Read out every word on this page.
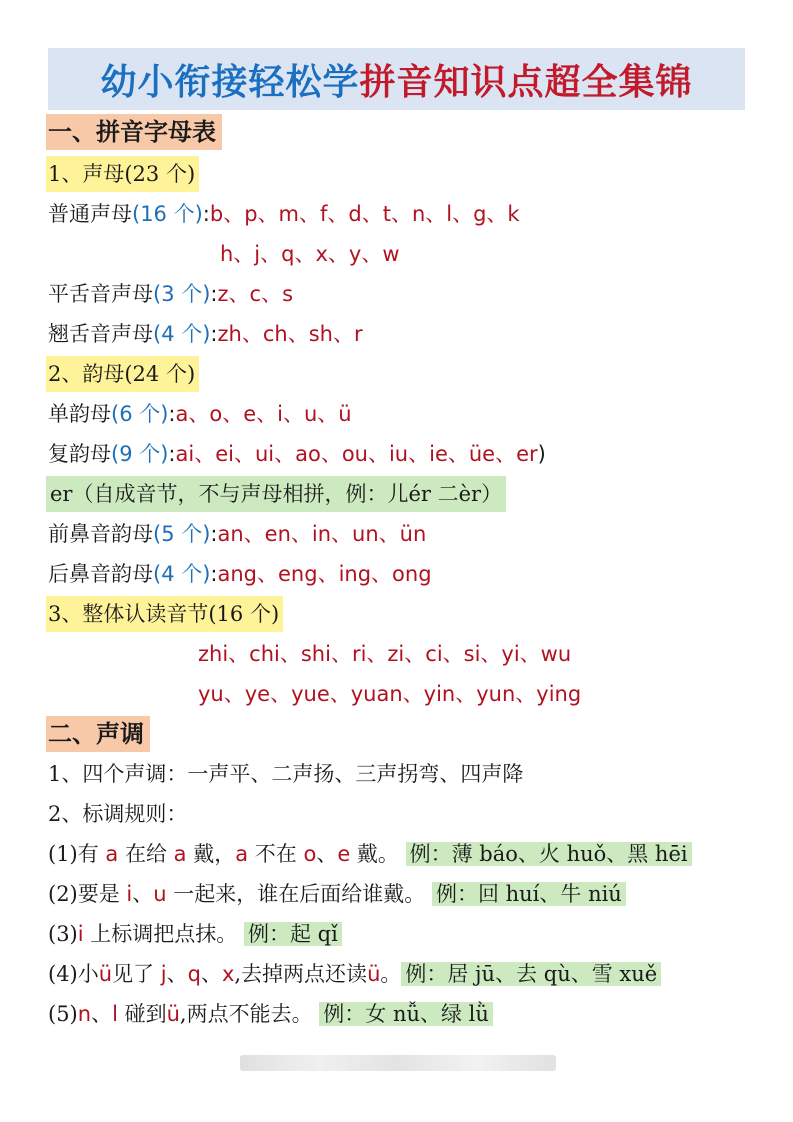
幼小衔接轻松学 拼音知识点超全集锦
一、拼音字母表
1、声母(23 个)
普通声母(16 个):b、p、m、f、d、t、n、l、g、k
h、j、q、x、y、w
平舌音声母(3 个):z、c、s
翘舌音声母(4 个):zh、ch、sh、r
2、韵母(24 个)
单韵母(6 个):a、o、e、i、u、ü
复韵母(9 个):ai、ei、ui、ao、ou、iu、ie、üe、er)
er（自成音节，不与声母相拼，例：儿ér 二èr）
前鼻音韵母(5 个):an、en、in、un、ün
后鼻音韵母(4 个):ang、eng、ing、ong
3、整体认读音节(16 个)
zhi、chi、shi、ri、zi、ci、si、yi、wu
yu、ye、yue、yuan、yin、yun、ying
二、声调
1、四个声调：一声平、二声扬、三声拐弯、四声降
2、标调规则：
(1)有 a 在给 a 戴，a 不在 o、e 戴。 例：薄 báo、火 huǒ、黑 hēi
(2)要是 i、u 一起来，谁在后面给谁戴。 例：回 huí、牛 niú
(3)i 上标调把点抹。 例：起 qǐ
(4)小ü见了 j、q、x,去掉两点还读ü。 例：居 jū、去 qù、雪 xuě
(5)n、l 碰到ü,两点不能去。 例：女 nǚ、绿 lǜ
